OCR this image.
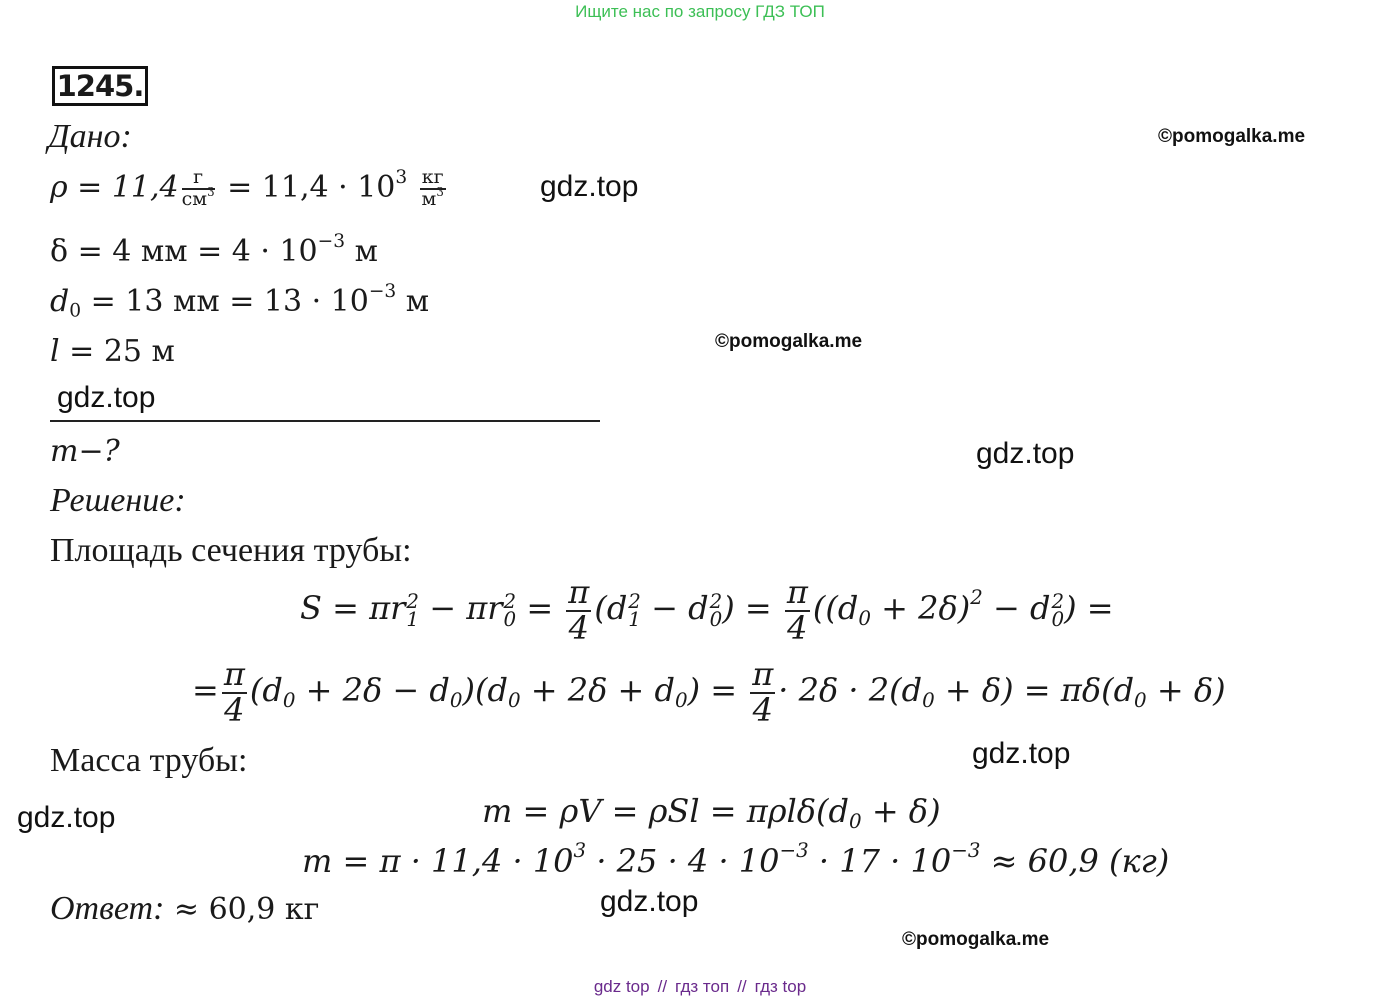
Ищите нас по запросу ГДЗ ТОП
1245.
Дано:
$\rho = 11,4 \frac{г}{см^3} = 11,4 \cdot 10^3 \frac{кг}{м^3}$
δ = 4 мм = $4 \cdot 10^{-3}$ м
$d_0 = 13$ мм = $13 \cdot 10^{-3}$ м
l = 25 м
m−?
Решение:
Площадь сечения трубы:
S = πr 2
1 − πr 2
$0 = \frac{\pi}{4} (d$ 2
1 − d 2
0 ) = $\frac{\pi}{4} ((d_0 + 2\delta)^2 - d$ 2
0 ) =
= $\frac{\pi}{4} (d_0 + 2\delta - d_0)(d_0 + 2\delta + d_0) = \frac{\pi}{4} \cdot 2\delta \cdot 2(d_0 + \delta) = \pi\delta(d_0 + \delta)$
Масса трубы:
$m = \rho V = \rho Sl = \pi\rho l\delta(d_0 + \delta)$
$m = \pi \cdot 11,4 \cdot 10^3 \cdot 25 \cdot 4 \cdot 10^{-3} \cdot 17 \cdot 10^{-3} \approx 60,9$ (кг)
Ответ: ≈ 60,9 кг
gdz.top
gdz.top
gdz.top
gdz.top
gdz.top
gdz.top
©pomogalka.me
©pomogalka.me
©pomogalka.me
gdz top // гдз топ // гдз top
